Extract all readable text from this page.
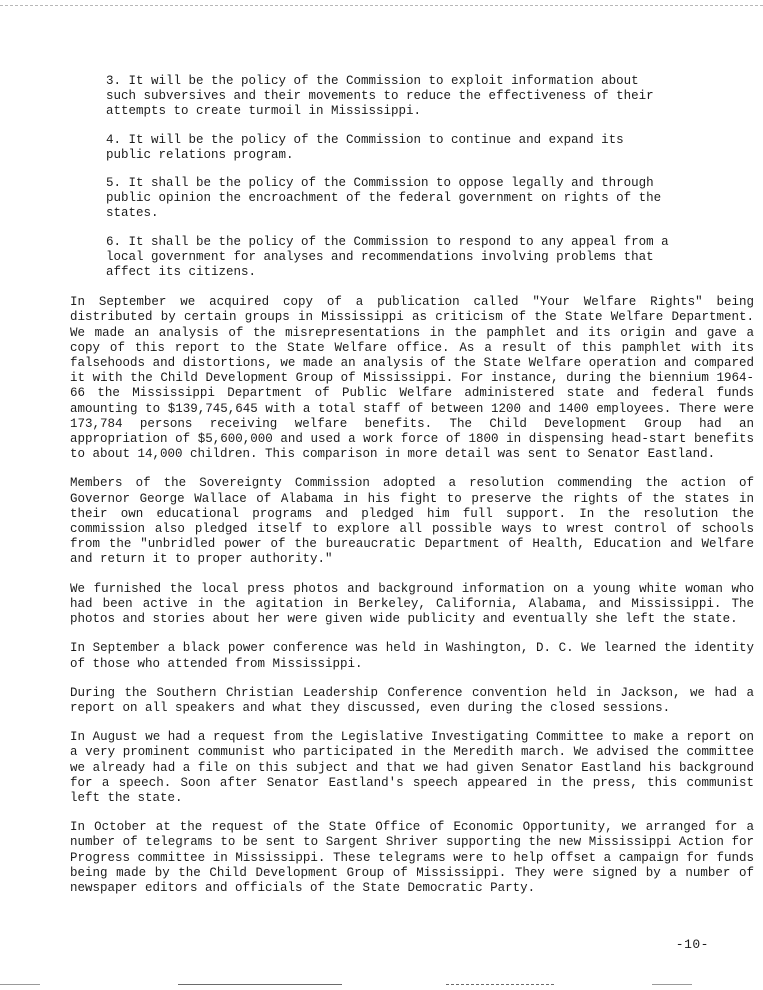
3. It will be the policy of the Commission to exploit information about such subversives and their movements to reduce the effectiveness of their attempts to create turmoil in Mississippi.
4. It will be the policy of the Commission to continue and expand its public relations program.
5. It shall be the policy of the Commission to oppose legally and through public opinion the encroachment of the federal government on rights of the states.
6. It shall be the policy of the Commission to respond to any appeal from a local government for analyses and recommendations involving problems that affect its citizens.
In September we acquired copy of a publication called "Your Welfare Rights" being distributed by certain groups in Mississippi as criticism of the State Welfare Department. We made an analysis of the misrepresentations in the pamphlet and its origin and gave a copy of this report to the State Welfare office. As a result of this pamphlet with its falsehoods and distortions, we made an analysis of the State Welfare operation and compared it with the Child Development Group of Mississippi. For instance, during the biennium 1964-66 the Mississippi Department of Public Welfare administered state and federal funds amounting to $139,745,645 with a total staff of between 1200 and 1400 employees. There were 173,784 persons receiving welfare benefits. The Child Development Group had an appropriation of $5,600,000 and used a work force of 1800 in dispensing head-start benefits to about 14,000 children. This comparison in more detail was sent to Senator Eastland.
Members of the Sovereignty Commission adopted a resolution commending the action of Governor George Wallace of Alabama in his fight to preserve the rights of the states in their own educational programs and pledged him full support. In the resolution the commission also pledged itself to explore all possible ways to wrest control of schools from the "unbridled power of the bureaucratic Department of Health, Education and Welfare and return it to proper authority."
We furnished the local press photos and background information on a young white woman who had been active in the agitation in Berkeley, California, Alabama, and Mississippi. The photos and stories about her were given wide publicity and eventually she left the state.
In September a black power conference was held in Washington, D. C. We learned the identity of those who attended from Mississippi.
During the Southern Christian Leadership Conference convention held in Jackson, we had a report on all speakers and what they discussed, even during the closed sessions.
In August we had a request from the Legislative Investigating Committee to make a report on a very prominent communist who participated in the Meredith march. We advised the committee we already had a file on this subject and that we had given Senator Eastland his background for a speech. Soon after Senator Eastland's speech appeared in the press, this communist left the state.
In October at the request of the State Office of Economic Opportunity, we arranged for a number of telegrams to be sent to Sargent Shriver supporting the new Mississippi Action for Progress committee in Mississippi. These telegrams were to help offset a campaign for funds being made by the Child Development Group of Mississippi. They were signed by a number of newspaper editors and officials of the State Democratic Party.
-10-
